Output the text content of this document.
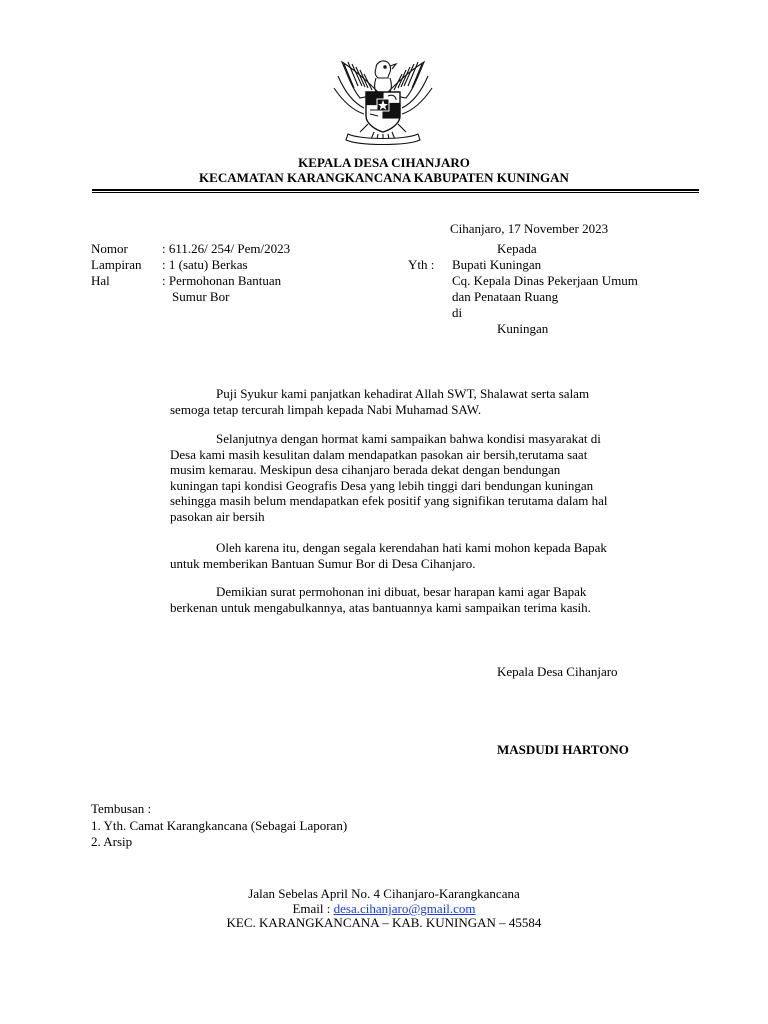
KEPALA DESA CIHANJARO
KECAMATAN KARANGKANCANA KABUPATEN KUNINGAN
Cihanjaro, 17 November 2023
Nomor	: 611.26/ 254/ Pem/2023
Lampiran : 1 (satu) Berkas
Hal	: Permohonan Bantuan
Sumur Bor
Kepada
Yth : Bupati Kuningan
Cq. Kepala Dinas Pekerjaan Umum
dan Penataan Ruang
di
Kuningan
Puji Syukur kami panjatkan kehadirat Allah SWT, Shalawat serta salam
semoga tetap tercurah limpah kepada Nabi Muhamad SAW.
Selanjutnya dengan hormat kami sampaikan bahwa kondisi masyarakat di
Desa kami masih kesulitan dalam mendapatkan pasokan air bersih,terutama saat
musim kemarau. Meskipun desa cihanjaro berada dekat dengan bendungan
kuningan tapi kondisi Geografis Desa yang lebih tinggi dari bendungan kuningan
sehingga masih belum mendapatkan efek positif yang signifikan terutama dalam hal
pasokan air bersih
Oleh karena itu, dengan segala kerendahan hati kami mohon kepada Bapak
untuk memberikan Bantuan Sumur Bor di Desa Cihanjaro.
Demikian surat permohonan ini dibuat, besar harapan kami agar Bapak
berkenan untuk mengabulkannya, atas bantuannya kami sampaikan terima kasih.
Kepala Desa Cihanjaro
MASDUDI HARTONO
Tembusan :
1. Yth. Camat Karangkancana (Sebagai Laporan)
2. Arsip
Jalan Sebelas April No. 4 Cihanjaro-Karangkancana
Email : desa.cihanjaro@gmail.com
KEC. KARANGKANCANA – KAB. KUNINGAN – 45584
